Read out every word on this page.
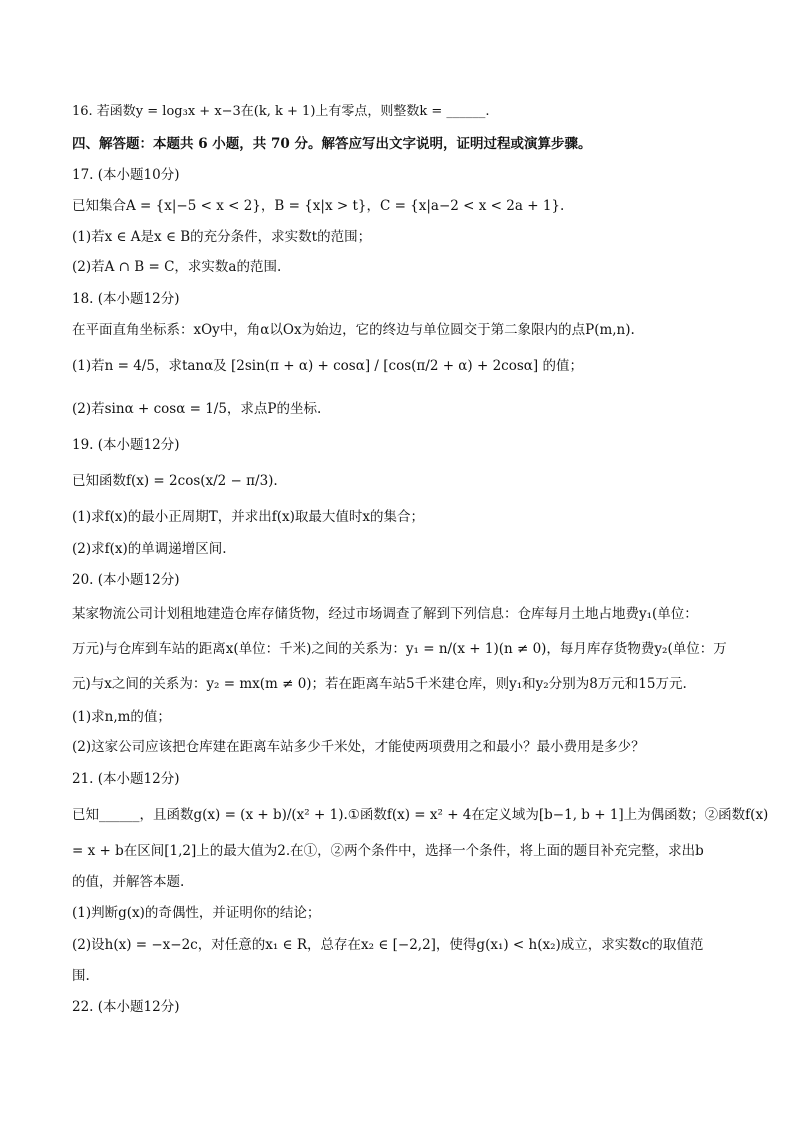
16. 若函数y = log₃x + x−3在(k, k + 1)上有零点，则整数k = ______.
四、解答题：本题共 6 小题，共 70 分。解答应写出文字说明，证明过程或演算步骤。
17. (本小题10分)
已知集合A = {x|−5 < x < 2}，B = {x|x > t}，C = {x|a−2 < x < 2a + 1}.
(1)若x ∈ A是x ∈ B的充分条件，求实数t的范围；
(2)若A ∩ B = C，求实数a的范围.
18. (本小题12分)
在平面直角坐标系：xOy中，角α以Ox为始边，它的终边与单位圆交于第二象限内的点P(m,n).
(1)若n = 4/5，求tanα及 [2sin(π + α) + cosα] / [cos(π/2 + α) + 2cosα] 的值；
(2)若sinα + cosα = 1/5，求点P的坐标.
19. (本小题12分)
已知函数f(x) = 2cos(x/2 − π/3).
(1)求f(x)的最小正周期T，并求出f(x)取最大值时x的集合；
(2)求f(x)的单调递增区间.
20. (本小题12分)
某家物流公司计划租地建造仓库存储货物，经过市场调查了解到下列信息：仓库每月土地占地费y₁(单位：
万元)与仓库到车站的距离x(单位：千米)之间的关系为：y₁ = n/(x + 1)(n ≠ 0)，每月库存货物费y₂(单位：万
元)与x之间的关系为：y₂ = mx(m ≠ 0)；若在距离车站5千米建仓库，则y₁和y₂分别为8万元和15万元.
(1)求n,m的值；
(2)这家公司应该把仓库建在距离车站多少千米处，才能使两项费用之和最小？最小费用是多少？
21. (本小题12分)
已知______，且函数g(x) = (x + b)/(x² + 1).①函数f(x) = x² + 4在定义域为[b−1, b + 1]上为偶函数；②函数f(x)
= x + b在区间[1,2]上的最大值为2.在①，②两个条件中，选择一个条件，将上面的题目补充完整，求出b
的值，并解答本题.
(1)判断g(x)的奇偶性，并证明你的结论；
(2)设h(x) = −x−2c，对任意的x₁ ∈ R，总存在x₂ ∈ [−2,2]，使得g(x₁) < h(x₂)成立，求实数c的取值范
围.
22. (本小题12分)
